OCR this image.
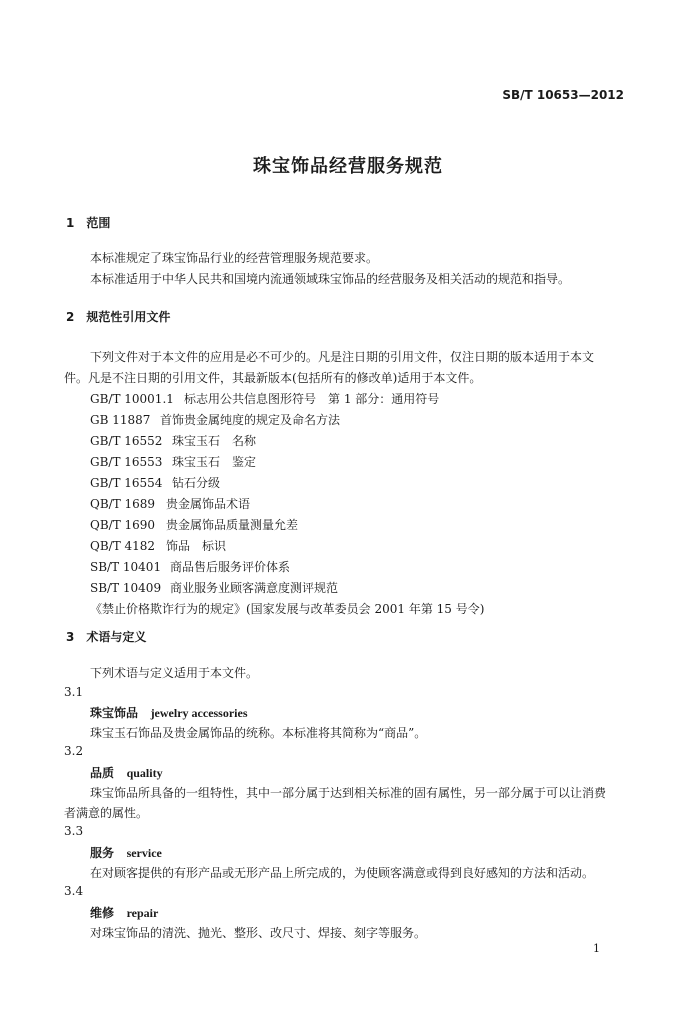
SB/T 10653—2012
珠宝饰品经营服务规范
1　范围
本标准规定了珠宝饰品行业的经营管理服务规范要求。
本标准适用于中华人民共和国境内流通领域珠宝饰品的经营服务及相关活动的规范和指导。
2　规范性引用文件
下列文件对于本文件的应用是必不可少的。凡是注日期的引用文件，仅注日期的版本适用于本文
件。凡是不注日期的引用文件，其最新版本(包括所有的修改单)适用于本文件。
GB/T 10001.1 标志用公共信息图形符号　第 1 部分：通用符号
GB 11887 首饰贵金属纯度的规定及命名方法
GB/T 16552 珠宝玉石　名称
GB/T 16553 珠宝玉石　鉴定
GB/T 16554 钻石分级
QB/T 1689 贵金属饰品术语
QB/T 1690 贵金属饰品质量测量允差
QB/T 4182 饰品　标识
SB/T 10401 商品售后服务评价体系
SB/T 10409 商业服务业顾客满意度测评规范
《禁止价格欺诈行为的规定》(国家发展与改革委员会 2001 年第 15 号令)
3　术语与定义
下列术语与定义适用于本文件。
3.1
珠宝饰品 jewelry accessories
珠宝玉石饰品及贵金属饰品的统称。本标准将其简称为“商品”。
3.2
品质 quality
珠宝饰品所具备的一组特性，其中一部分属于达到相关标准的固有属性，另一部分属于可以让消费
者满意的属性。
3.3
服务 service
在对顾客提供的有形产品或无形产品上所完成的，为使顾客满意或得到良好感知的方法和活动。
3.4
维修 repair
对珠宝饰品的清洗、抛光、整形、改尺寸、焊接、刻字等服务。
1
